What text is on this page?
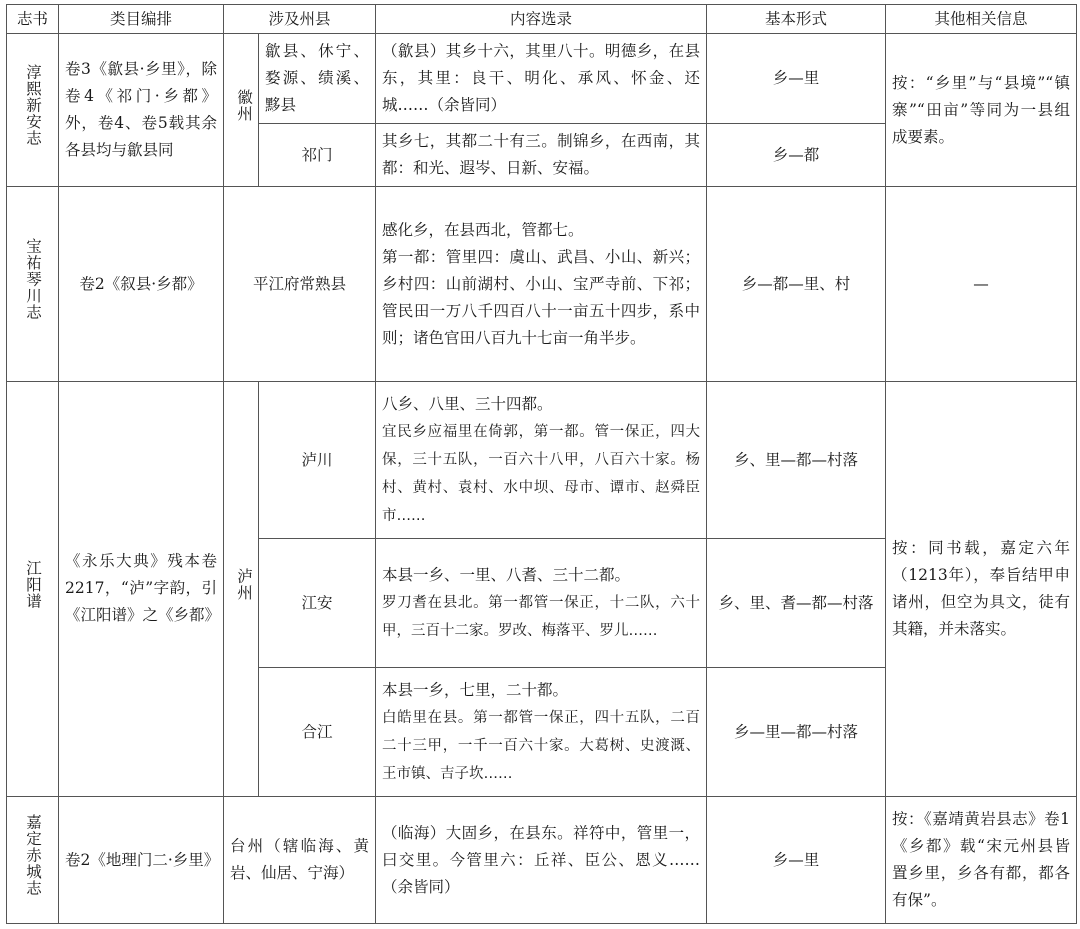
志书	类目编排	涉及州县		内容选录	基本形式	其他相关信息
淳熙新安志	卷3《歙县·乡里》，除卷4《祁门·乡都》外，卷4、卷5载其余各县均与歙县同	徽州	歙县、休宁、婺源、绩溪、黟县	（歙县）其乡十六，其里八十。明德乡，在县东，其里：良干、明化、承风、怀金、还城……（余皆同）	乡—里	按：“乡里”与“县境”“镇寨”“田亩”等同为一县组成要素。
			祁门	其乡七，其都二十有三。制锦乡，在西南，其都：和光、遐岑、日新、安福。	乡—都	
宝祐琴川志	卷2《叙县·乡都》	平江府常熟县		感化乡，在县西北，管都七。
第一都：管里四：虞山、武昌、小山、新兴；乡村四：山前湖村、小山、宝严寺前、下祁；管民田一万八千四百八十一亩五十四步，系中则；诸色官田八百九十七亩一角半步。	乡—都—里、村	—
江阳谱	《永乐大典》残本卷2217，“泸”字韵，引《江阳谱》之《乡都》	泸州	泸川	八乡、八里、三十四都。
宜民乡应福里在倚郭，第一都。管一保正，四大保，三十五队，一百六十八甲，八百六十家。杨村、黄村、袁村、水中坝、母市、谭市、赵舜臣市……	乡、里—都—村落	按：同书载，嘉定六年（1213年），奉旨结甲申诸州，但空为具文，徒有其籍，并未落实。
			江安	本县一乡、一里、八耆、三十二都。
罗刀耆在县北。第一都管一保正，十二队，六十甲，三百十二家。罗改、梅落平、罗儿……	乡、里、耆—都—村落	
			合江	本县一乡，七里，二十都。
白皓里在县。第一都管一保正，四十五队，二百二十三甲，一千一百六十家。大葛树、史渡溉、王市镇、吉子坎……	乡—里—都—村落	
嘉定赤城志	卷2《地理门二·乡里》	台州（辖临海、黄岩、仙居、宁海）		（临海）大固乡，在县东。祥符中，管里一，曰交里。今管里六：丘祥、臣公、恩义……（余皆同）	乡—里	按：《嘉靖黄岩县志》卷1《乡都》载“宋元州县皆置乡里，乡各有都，都各有保”。
